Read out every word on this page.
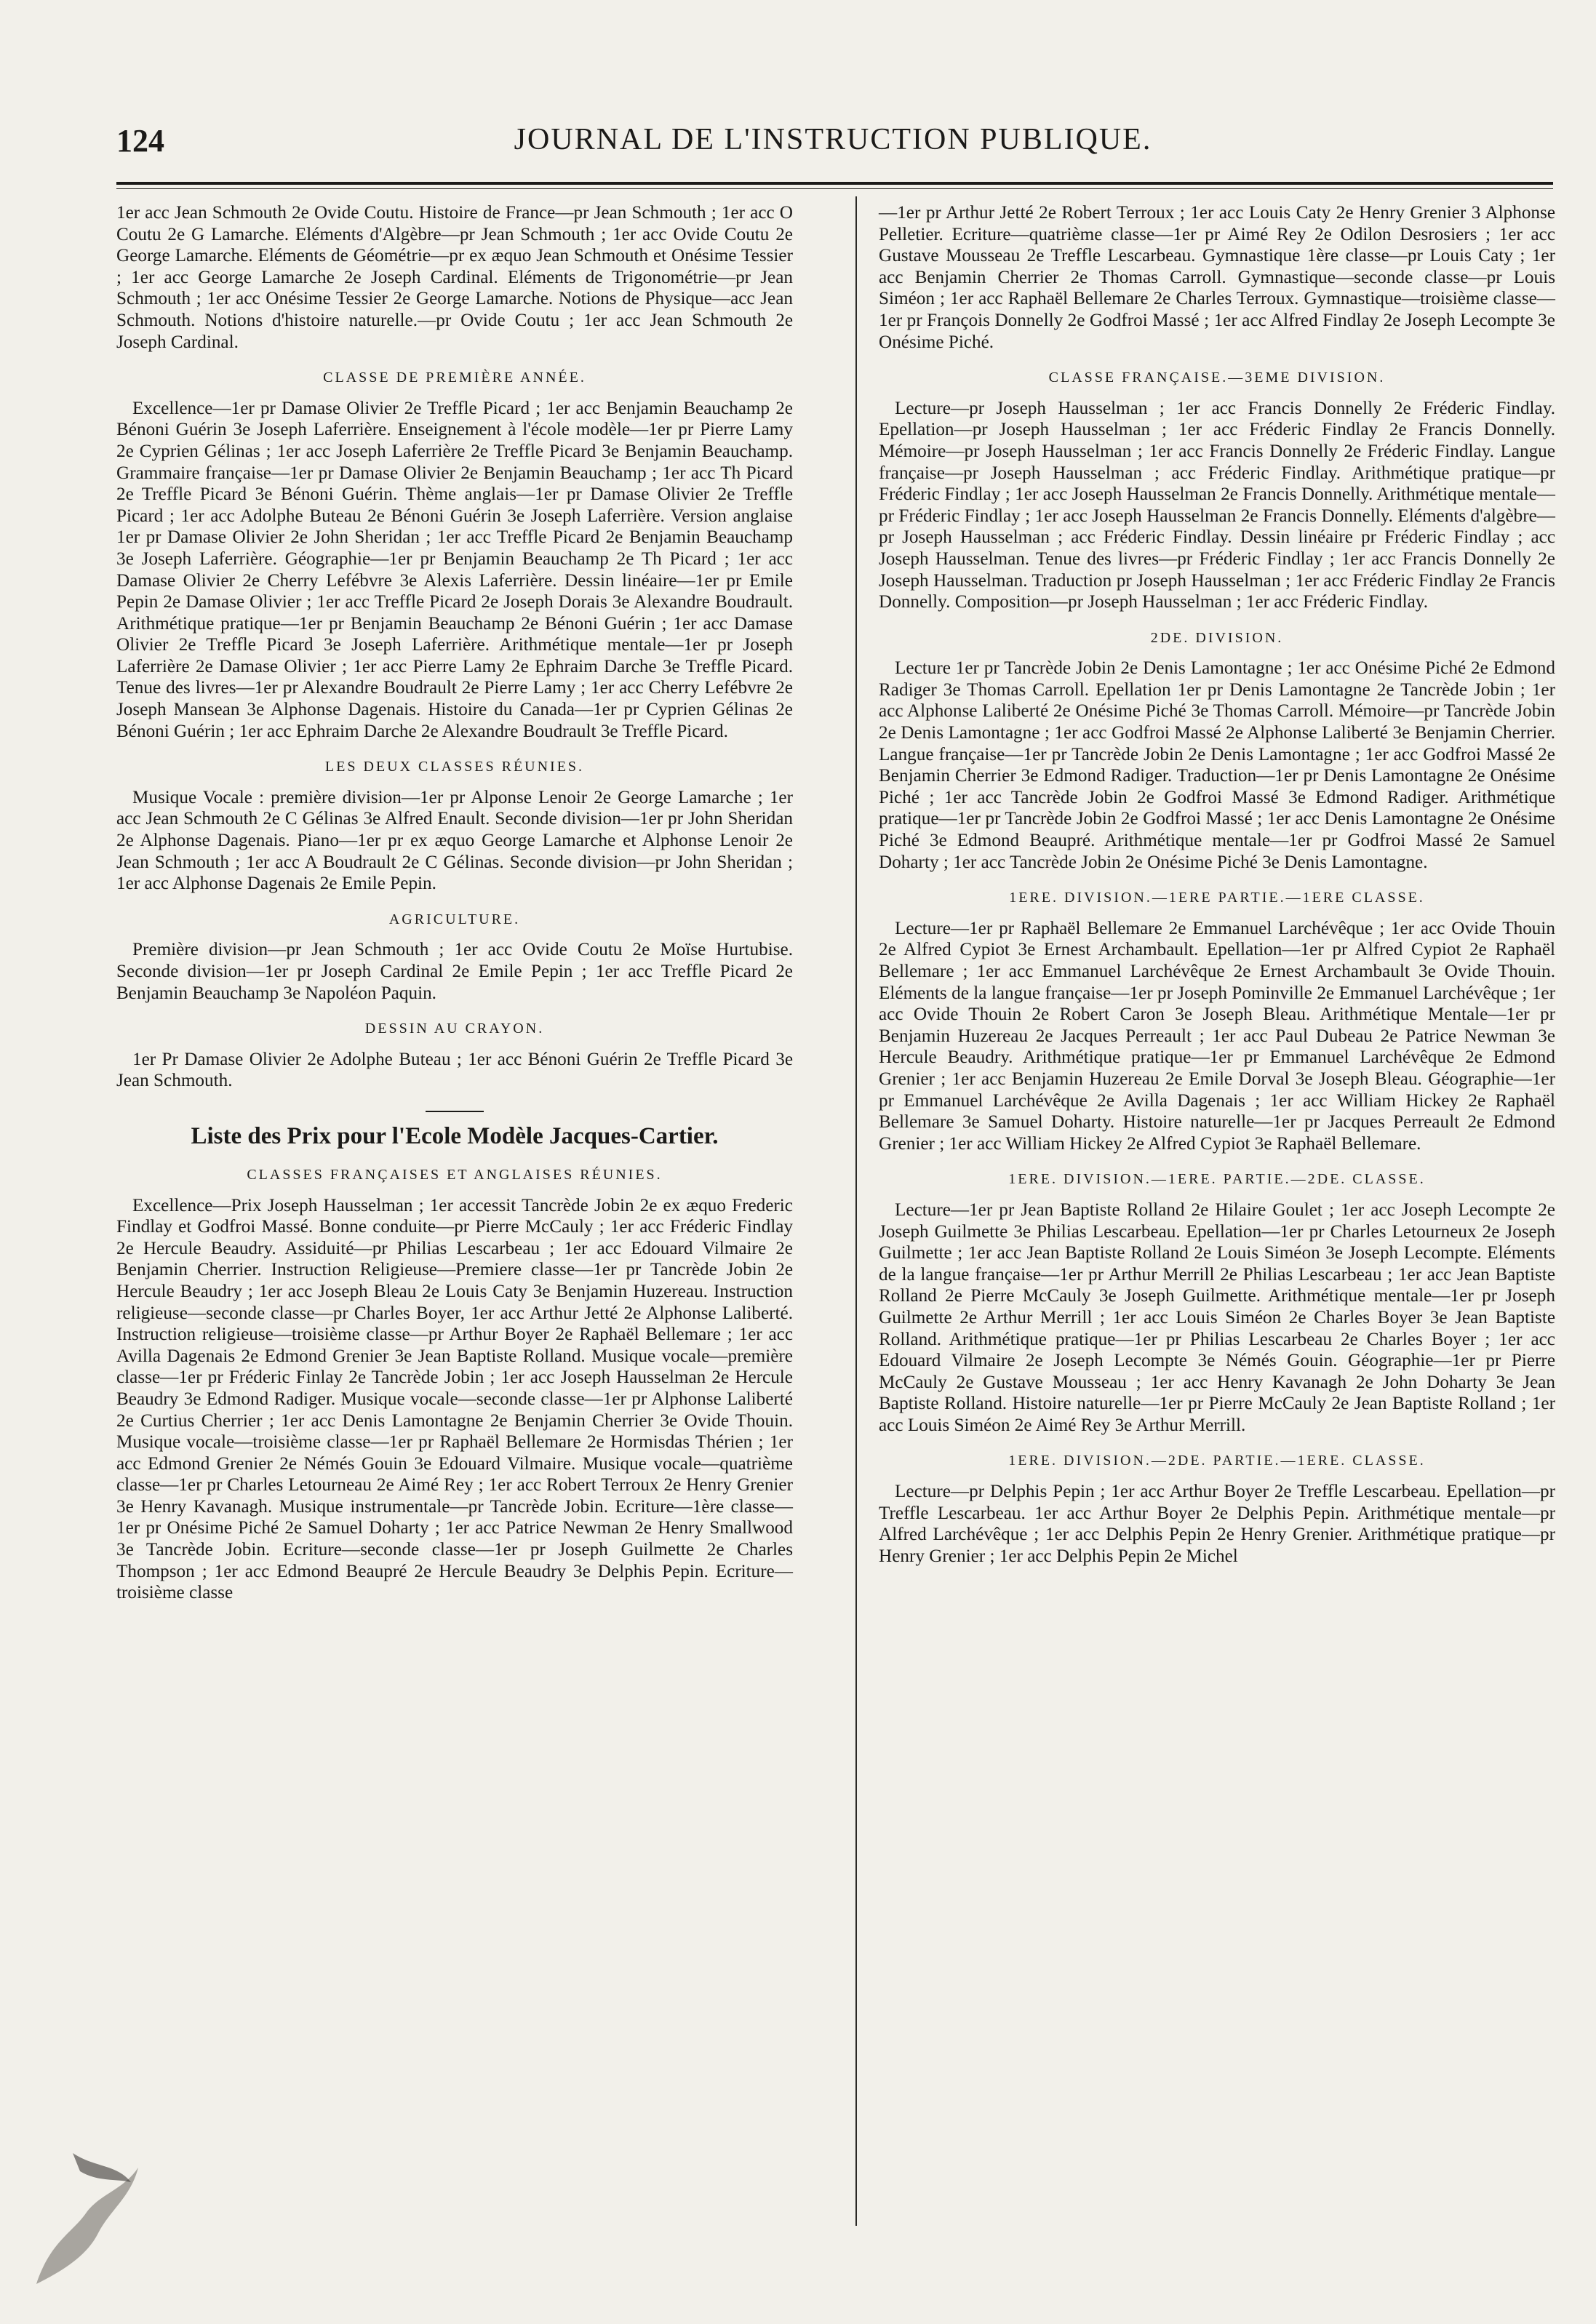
124	JOURNAL DE L'INSTRUCTION PUBLIQUE.

1er acc Jean Schmouth 2e Ovide Coutu. Histoire de France—pr Jean Schmouth ; 1er acc O Coutu 2e G Lamarche. Eléments d'Algèbre—pr Jean Schmouth ; 1er acc Ovide Coutu 2e George Lamarche. Eléments de Géométrie—pr ex æquo Jean Schmouth et Onésime Tessier ; 1er acc George Lamarche 2e Joseph Cardinal. Eléments de Trigonométrie—pr Jean Schmouth ; 1er acc Onésime Tessier 2e George Lamarche. Notions de Physique—acc Jean Schmouth. Notions d'histoire naturelle.—pr Ovide Coutu ; 1er acc Jean Schmouth 2e Joseph Cardinal.

CLASSE DE PREMIÈRE ANNÉE.

Excellence—1er pr Damase Olivier 2e Treffle Picard ; 1er acc Benjamin Beauchamp 2e Bénoni Guérin 3e Joseph Laferrière. Enseignement à l'école modèle—1er pr Pierre Lamy 2e Cyprien Gélinas ; 1er acc Joseph Laferrière 2e Treffle Picard 3e Benjamin Beauchamp. Grammaire française—1er pr Damase Olivier 2e Benjamin Beauchamp ; 1er acc Th Picard 2e Treffle Picard 3e Bénoni Guérin. Thème anglais—1er pr Damase Olivier 2e Treffle Picard ; 1er acc Adolphe Buteau 2e Bénoni Guérin 3e Joseph Laferrière. Version anglaise 1er pr Damase Olivier 2e John Sheridan ; 1er acc Treffle Picard 2e Benjamin Beauchamp 3e Joseph Laferrière. Géographie—1er pr Benjamin Beauchamp 2e Th Picard ; 1er acc Damase Olivier 2e Cherry Lefébvre 3e Alexis Laferrière. Dessin linéaire—1er pr Emile Pepin 2e Damase Olivier ; 1er acc Treffle Picard 2e Joseph Dorais 3e Alexandre Boudrault. Arithmétique pratique—1er pr Benjamin Beauchamp 2e Bénoni Guérin ; 1er acc Damase Olivier 2e Treffle Picard 3e Joseph Laferrière. Arithmétique mentale—1er pr Joseph Laferrière 2e Damase Olivier ; 1er acc Pierre Lamy 2e Ephraim Darche 3e Treffle Picard. Tenue des livres—1er pr Alexandre Boudrault 2e Pierre Lamy ; 1er acc Cherry Lefébvre 2e Joseph Mansean 3e Alphonse Dagenais. Histoire du Canada—1er pr Cyprien Gélinas 2e Bénoni Guérin ; 1er acc Ephraim Darche 2e Alexandre Boudrault 3e Treffle Picard.

LES DEUX CLASSES RÉUNIES.

Musique Vocale : première division—1er pr Alponse Lenoir 2e George Lamarche ; 1er acc Jean Schmouth 2e C Gélinas 3e Alfred Enault. Seconde division—1er pr John Sheridan 2e Alphonse Dagenais. Piano—1er pr ex æquo George Lamarche et Alphonse Lenoir 2e Jean Schmouth ; 1er acc A Boudrault 2e C Gélinas. Seconde division—pr John Sheridan ; 1er acc Alphonse Dagenais 2e Emile Pepin.

AGRICULTURE.

Première division—pr Jean Schmouth ; 1er acc Ovide Coutu 2e Moïse Hurtubise. Seconde division—1er pr Joseph Cardinal 2e Emile Pepin ; 1er acc Treffle Picard 2e Benjamin Beauchamp 3e Napoléon Paquin.

DESSIN AU CRAYON.

1er Pr Damase Olivier 2e Adolphe Buteau ; 1er acc Bénoni Guérin 2e Treffle Picard 3e Jean Schmouth.

Liste des Prix pour l'Ecole Modèle Jacques-Cartier.
CLASSES FRANÇAISES ET ANGLAISES RÉUNIES.

Excellence—Prix Joseph Hausselman ; 1er accessit Tancrède Jobin 2e ex æquo Frederic Findlay et Godfroi Massé. Bonne conduite—pr Pierre McCauly ; 1er acc Fréderic Findlay 2e Hercule Beaudry. Assiduité—pr Philias Lescarbeau ; 1er acc Edouard Vilmaire 2e Benjamin Cherrier. Instruction Religieuse—Premiere classe—1er pr Tancrède Jobin 2e Hercule Beaudry ; 1er acc Joseph Bleau 2e Louis Caty 3e Benjamin Huzereau. Instruction religieuse—seconde classe—pr Charles Boyer, 1er acc Arthur Jetté 2e Alphonse Laliberté. Instruction religieuse—troisième classe—pr Arthur Boyer 2e Raphaël Bellemare ; 1er acc Avilla Dagenais 2e Edmond Grenier 3e Jean Baptiste Rolland. Musique vocale—première classe—1er pr Fréderic Finlay 2e Tancrède Jobin ; 1er acc Joseph Hausselman 2e Hercule Beaudry 3e Edmond Radiger. Musique vocale—seconde classe—1er pr Alphonse Laliberté 2e Curtius Cherrier ; 1er acc Denis Lamontagne 2e Benjamin Cherrier 3e Ovide Thouin. Musique vocale—troisième classe—1er pr Raphaël Bellemare 2e Hormisdas Thérien ; 1er acc Edmond Grenier 2e Némés Gouin 3e Edouard Vilmaire. Musique vocale—quatrième classe—1er pr Charles Letourneau 2e Aimé Rey ; 1er acc Robert Terroux 2e Henry Grenier 3e Henry Kavanagh. Musique instrumentale—pr Tancrède Jobin. Ecriture—1ère classe—1er pr Onésime Piché 2e Samuel Doharty ; 1er acc Patrice Newman 2e Henry Smallwood 3e Tancrède Jobin. Ecriture—seconde classe—1er pr Joseph Guilmette 2e Charles Thompson ; 1er acc Edmond Beaupré 2e Hercule Beaudry 3e Delphis Pepin. Ecriture—troisième classe

—1er pr Arthur Jetté 2e Robert Terroux ; 1er acc Louis Caty 2e Henry Grenier 3 Alphonse Pelletier. Ecriture—quatrième classe—1er pr Aimé Rey 2e Odilon Desrosiers ; 1er acc Gustave Mousseau 2e Treffle Lescarbeau. Gymnastique 1ère classe—pr Louis Caty ; 1er acc Benjamin Cherrier 2e Thomas Carroll. Gymnastique—seconde classe—pr Louis Siméon ; 1er acc Raphaël Bellemare 2e Charles Terroux. Gymnastique—troisième classe—1er pr François Donnelly 2e Godfroi Massé ; 1er acc Alfred Findlay 2e Joseph Lecompte 3e Onésime Piché.

CLASSE FRANÇAISE.—3EME DIVISION.

Lecture—pr Joseph Hausselman ; 1er acc Francis Donnelly 2e Fréderic Findlay. Epellation—pr Joseph Hausselman ; 1er acc Fréderic Findlay 2e Francis Donnelly. Mémoire—pr Joseph Hausselman ; 1er acc Francis Donnelly 2e Fréderic Findlay. Langue française—pr Joseph Hausselman ; acc Fréderic Findlay. Arithmétique pratique—pr Fréderic Findlay ; 1er acc Joseph Hausselman 2e Francis Donnelly. Arithmétique mentale—pr Fréderic Findlay ; 1er acc Joseph Hausselman 2e Francis Donnelly. Eléments d'algèbre—pr Joseph Hausselman ; acc Fréderic Findlay. Dessin linéaire pr Fréderic Findlay ; acc Joseph Hausselman. Tenue des livres—pr Fréderic Findlay ; 1er acc Francis Donnelly 2e Joseph Hausselman. Traduction pr Joseph Hausselman ; 1er acc Fréderic Findlay 2e Francis Donnelly. Composition—pr Joseph Hausselman ; 1er acc Fréderic Findlay.

2DE. DIVISION.

Lecture 1er pr Tancrède Jobin 2e Denis Lamontagne ; 1er acc Onésime Piché 2e Edmond Radiger 3e Thomas Carroll. Epellation 1er pr Denis Lamontagne 2e Tancrède Jobin ; 1er acc Alphonse Laliberté 2e Onésime Piché 3e Thomas Carroll. Mémoire—pr Tancrède Jobin 2e Denis Lamontagne ; 1er acc Godfroi Massé 2e Alphonse Laliberté 3e Benjamin Cherrier. Langue française—1er pr Tancrède Jobin 2e Denis Lamontagne ; 1er acc Godfroi Massé 2e Benjamin Cherrier 3e Edmond Radiger. Traduction—1er pr Denis Lamontagne 2e Onésime Piché ; 1er acc Tancrède Jobin 2e Godfroi Massé 3e Edmond Radiger. Arithmétique pratique—1er pr Tancrède Jobin 2e Godfroi Massé ; 1er acc Denis Lamontagne 2e Onésime Piché 3e Edmond Beaupré. Arithmétique mentale—1er pr Godfroi Massé 2e Samuel Doharty ; 1er acc Tancrède Jobin 2e Onésime Piché 3e Denis Lamontagne.

1ERE. DIVISION.—1ERE PARTIE.—1ERE CLASSE.

Lecture—1er pr Raphaël Bellemare 2e Emmanuel Larchévêque ; 1er acc Ovide Thouin 2e Alfred Cypiot 3e Ernest Archambault. Epellation—1er pr Alfred Cypiot 2e Raphaël Bellemare ; 1er acc Emmanuel Larchévêque 2e Ernest Archambault 3e Ovide Thouin. Eléments de la langue française—1er pr Joseph Pominville 2e Emmanuel Larchévêque ; 1er acc Ovide Thouin 2e Robert Caron 3e Joseph Bleau. Arithmétique Mentale—1er pr Benjamin Huzereau 2e Jacques Perreault ; 1er acc Paul Dubeau 2e Patrice Newman 3e Hercule Beaudry. Arithmétique pratique—1er pr Emmanuel Larchévêque 2e Edmond Grenier ; 1er acc Benjamin Huzereau 2e Emile Dorval 3e Joseph Bleau. Géographie—1er pr Emmanuel Larchévêque 2e Avilla Dagenais ; 1er acc William Hickey 2e Raphaël Bellemare 3e Samuel Doharty. Histoire naturelle—1er pr Jacques Perreault 2e Edmond Grenier ; 1er acc William Hickey 2e Alfred Cypiot 3e Raphaël Bellemare.

1ERE. DIVISION.—1ERE. PARTIE.—2DE. CLASSE.

Lecture—1er pr Jean Baptiste Rolland 2e Hilaire Goulet ; 1er acc Joseph Lecompte 2e Joseph Guilmette 3e Philias Lescarbeau. Epellation—1er pr Charles Letourneux 2e Joseph Guilmette ; 1er acc Jean Baptiste Rolland 2e Louis Siméon 3e Joseph Lecompte. Eléments de la langue française—1er pr Arthur Merrill 2e Philias Lescarbeau ; 1er acc Jean Baptiste Rolland 2e Pierre McCauly 3e Joseph Guilmette. Arithmétique mentale—1er pr Joseph Guilmette 2e Arthur Merrill ; 1er acc Louis Siméon 2e Charles Boyer 3e Jean Baptiste Rolland. Arithmétique pratique—1er pr Philias Lescarbeau 2e Charles Boyer ; 1er acc Edouard Vilmaire 2e Joseph Lecompte 3e Némés Gouin. Géographie—1er pr Pierre McCauly 2e Gustave Mousseau ; 1er acc Henry Kavanagh 2e John Doharty 3e Jean Baptiste Rolland. Histoire naturelle—1er pr Pierre McCauly 2e Jean Baptiste Rolland ; 1er acc Louis Siméon 2e Aimé Rey 3e Arthur Merrill.

1ERE. DIVISION.—2DE. PARTIE.—1ERE. CLASSE.

Lecture—pr Delphis Pepin ; 1er acc Arthur Boyer 2e Treffle Lescarbeau. Epellation—pr Treffle Lescarbeau. 1er acc Arthur Boyer 2e Delphis Pepin. Arithmétique mentale—pr Alfred Larchévêque ; 1er acc Delphis Pepin 2e Henry Grenier. Arithmétique pratique—pr Henry Grenier ; 1er acc Delphis Pepin 2e Michel
